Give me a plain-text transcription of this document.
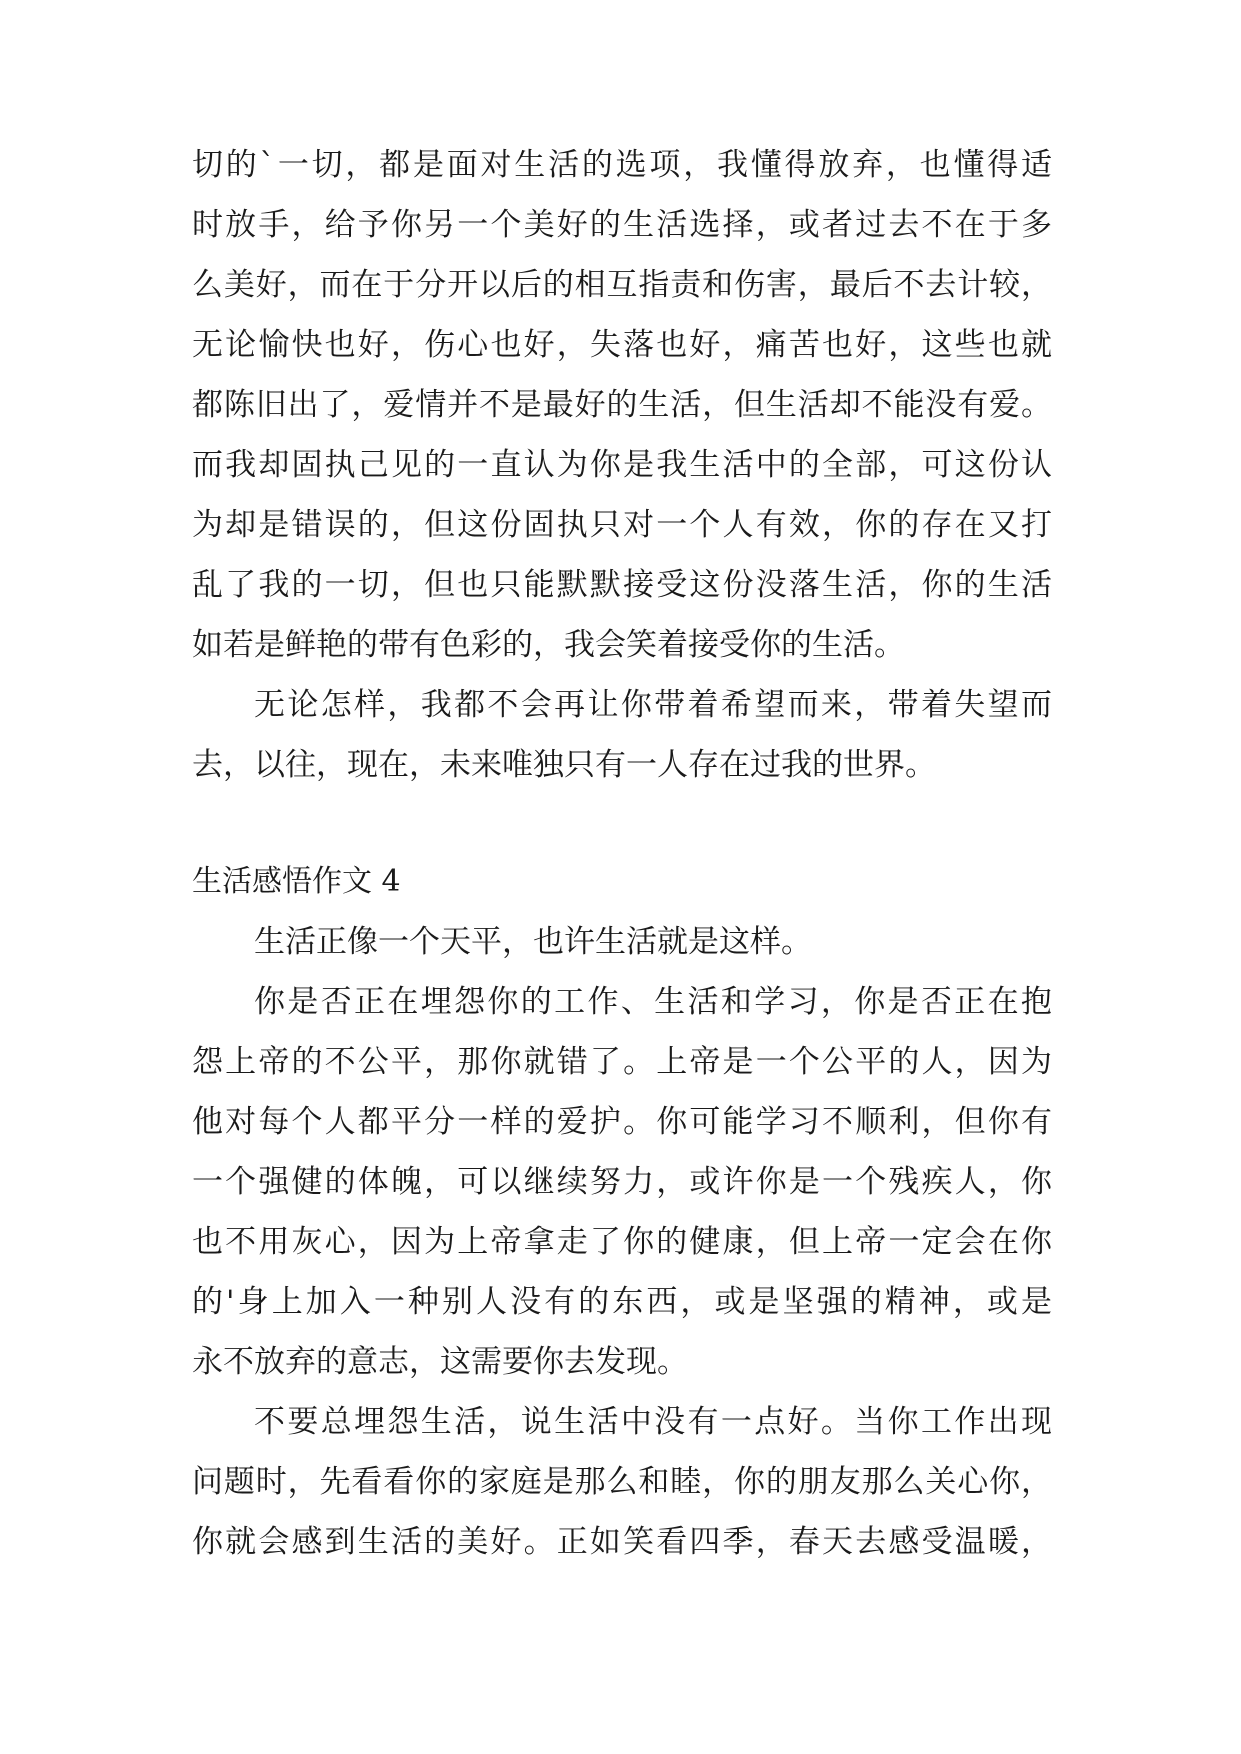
切的`一切，都是面对生活的选项，我懂得放弃，也懂得适
时放手，给予你另一个美好的生活选择，或者过去不在于多
么美好，而在于分开以后的相互指责和伤害，最后不去计较，
无论愉快也好，伤心也好，失落也好，痛苦也好，这些也就
都陈旧出了，爱情并不是最好的生活，但生活却不能没有爱。
而我却固执己见的一直认为你是我生活中的全部，可这份认
为却是错误的，但这份固执只对一个人有效，你的存在又打
乱了我的一切，但也只能默默接受这份没落生活，你的生活
如若是鲜艳的带有色彩的，我会笑着接受你的生活。
无论怎样，我都不会再让你带着希望而来，带着失望而
去，以往，现在，未来唯独只有一人存在过我的世界。
生活感悟作文 4
生活正像一个天平，也许生活就是这样。
你是否正在埋怨你的工作、生活和学习，你是否正在抱
怨上帝的不公平，那你就错了。上帝是一个公平的人，因为
他对每个人都平分一样的爱护。你可能学习不顺利，但你有
一个强健的体魄，可以继续努力，或许你是一个残疾人，你
也不用灰心，因为上帝拿走了你的健康，但上帝一定会在你
的'身上加入一种别人没有的东西，或是坚强的精神，或是
永不放弃的意志，这需要你去发现。
不要总埋怨生活，说生活中没有一点好。当你工作出现
问题时，先看看你的家庭是那么和睦，你的朋友那么关心你，
你就会感到生活的美好。正如笑看四季，春天去感受温暖，
